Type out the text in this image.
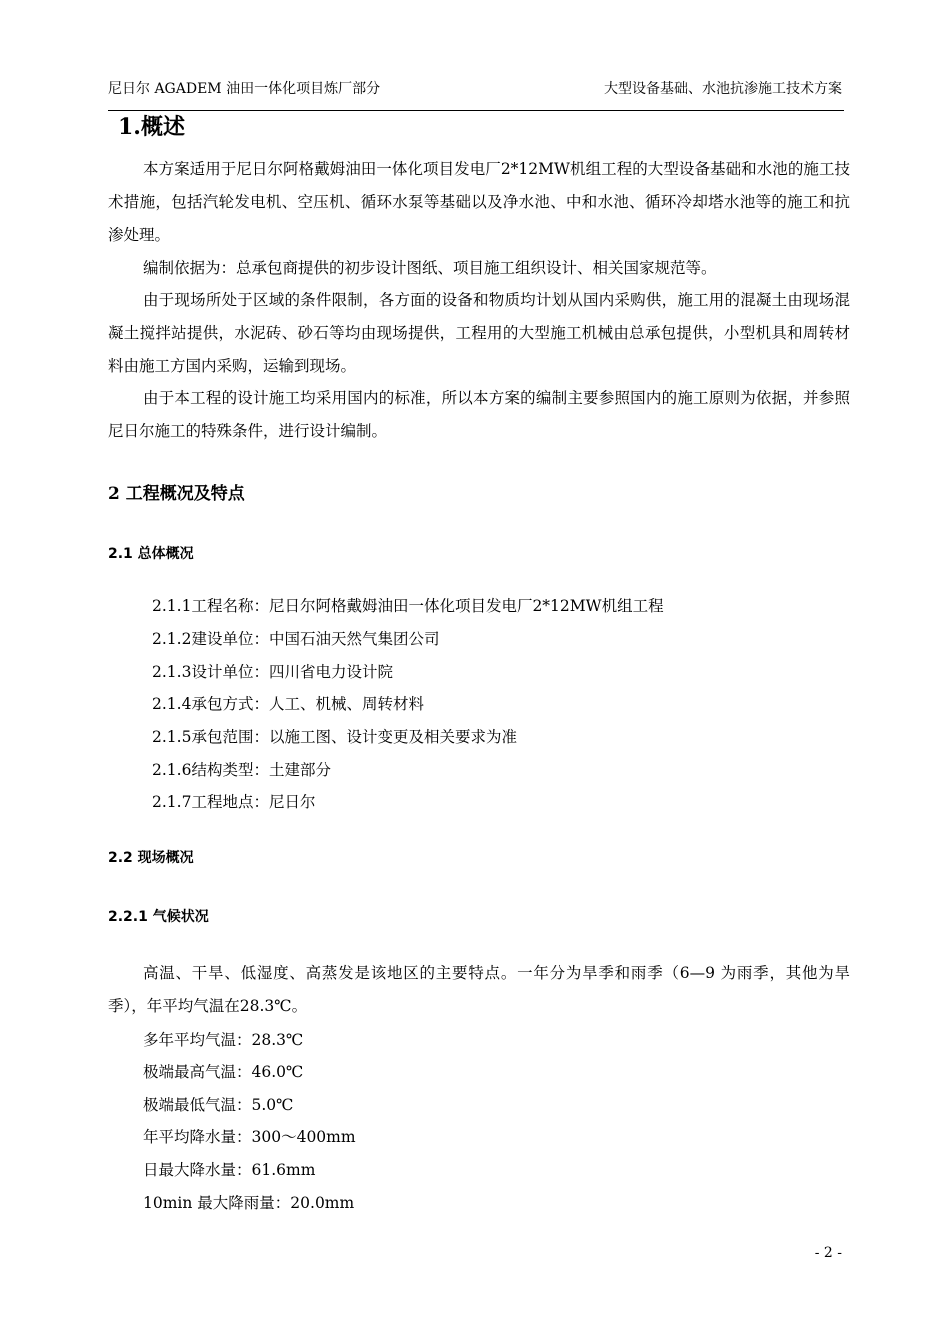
尼日尔 AGADEM 油田一体化项目炼厂部分	大型设备基础、水池抗渗施工技术方案
1.概述

本方案适用于尼日尔阿格戴姆油田一体化项目发电厂2*12MW机组工程的大型设备基础和水池的施工技术措施，包括汽轮发电机、空压机、循环水泵等基础以及净水池、中和水池、循环冷却塔水池等的施工和抗渗处理。

编制依据为：总承包商提供的初步设计图纸、项目施工组织设计、相关国家规范等。

由于现场所处于区域的条件限制，各方面的设备和物质均计划从国内采购供，施工用的混凝土由现场混凝土搅拌站提供，水泥砖、砂石等均由现场提供，工程用的大型施工机械由总承包提供，小型机具和周转材料由施工方国内采购，运输到现场。

由于本工程的设计施工均采用国内的标准，所以本方案的编制主要参照国内的施工原则为依据，并参照尼日尔施工的特殊条件，进行设计编制。

2 工程概况及特点
2.1 总体概况
2.1.1工程名称：尼日尔阿格戴姆油田一体化项目发电厂2*12MW机组工程
2.1.2建设单位：中国石油天然气集团公司
2.1.3设计单位：四川省电力设计院
2.1.4承包方式：人工、机械、周转材料
2.1.5承包范围：以施工图、设计变更及相关要求为准
2.1.6结构类型：土建部分
2.1.7工程地点：尼日尔
2.2 现场概况
2.2.1 气候状况

高温、干旱、低湿度、高蒸发是该地区的主要特点。一年分为旱季和雨季（6—9 为雨季，其他为旱季），年平均气温在28.3℃。

多年平均气温：28.3℃
极端最高气温：46.0℃
极端最低气温：5.0℃
年平均降水量：300～400mm
日最大降水量：61.6mm
10min 最大降雨量：20.0mm
- 2 -
